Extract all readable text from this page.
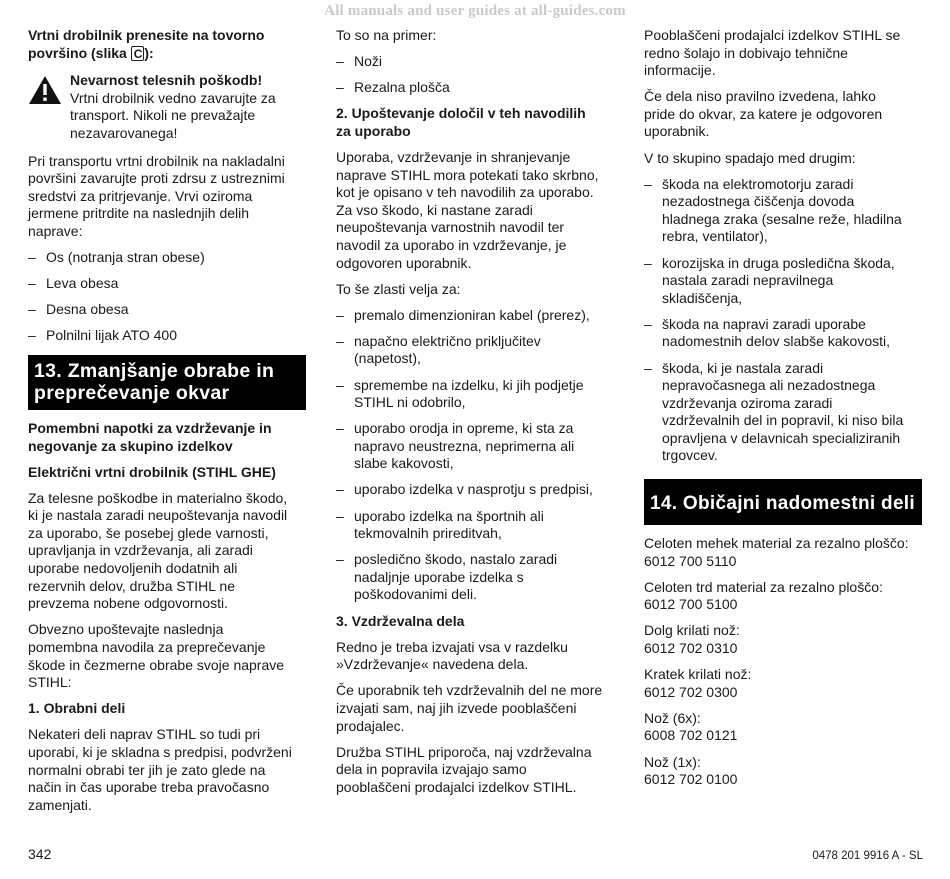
All manuals and user guides at all-guides.com

Vrtni drobilnik prenesite na tovorno
površino (slika C ):

Nevarnost telesnih poškodb!
Vrtni drobilnik vedno zavarujte za
transport. Nikoli ne prevažajte
nezavarovanega!

Pri transportu vrtni drobilnik na nakladalni
površini zavarujte proti zdrsu z ustreznimi
sredstvi za pritrjevanje. Vrvi oziroma
jermene pritrdite na naslednjih delih
naprave:

– Os (notranja stran obese)
– Leva obesa
– Desna obesa
– Polnilni lijak ATO 400
13. Zmanjšanje obrabe in
preprečevanje okvar

Pomembni napotki za vzdrževanje in
negovanje za skupino izdelkov

Električni vrtni drobilnik (STIHL GHE)

Za telesne poškodbe in materialno škodo,
ki je nastala zaradi neupoštevanja navodil
za uporabo, še posebej glede varnosti,
upravljanja in vzdrževanja, ali zaradi
uporabe nedovoljenih dodatnih ali
rezervnih delov, družba STIHL ne
prevzema nobene odgovornosti.

Obvezno upoštevajte naslednja
pomembna navodila za preprečevanje
škode in čezmerne obrabe svoje naprave
STIHL:

1. Obrabni deli

Nekateri deli naprav STIHL so tudi pri
uporabi, ki je skladna s predpisi, podvrženi
normalni obrabi ter jih je zato glede na
način in čas uporabe treba pravočasno
zamenjati.

To so na primer:

– Noži
– Rezalna plošča

2. Upoštevanje določil v teh navodilih
za uporabo

Uporaba, vzdrževanje in shranjevanje
naprave STIHL mora potekati tako skrbno,
kot je opisano v teh navodilih za uporabo.
Za vso škodo, ki nastane zaradi
neupoštevanja varnostnih navodil ter
navodil za uporabo in vzdrževanje, je
odgovoren uporabnik.

To še zlasti velja za:

– premalo dimenzioniran kabel (prerez),
– napačno električno priključitev
(napetost),
– spremembe na izdelku, ki jih podjetje
STIHL ni odobrilo,
– uporabo orodja in opreme, ki sta za
napravo neustrezna, neprimerna ali
slabe kakovosti,
– uporabo izdelka v nasprotju s predpisi,
– uporabo izdelka na športnih ali
tekmovalnih prireditvah,
– posledično škodo, nastalo zaradi
nadaljnje uporabe izdelka s
poškodovanimi deli.

3. Vzdrževalna dela

Redno je treba izvajati vsa v razdelku
»Vzdrževanje« navedena dela.

Če uporabnik teh vzdrževalnih del ne more
izvajati sam, naj jih izvede pooblaščeni
prodajalec.

Družba STIHL priporoča, naj vzdrževalna
dela in popravila izvajajo samo
pooblaščeni prodajalci izdelkov STIHL.

Pooblaščeni prodajalci izdelkov STIHL se
redno šolajo in dobivajo tehnične
informacije.

Če dela niso pravilno izvedena, lahko
pride do okvar, za katere je odgovoren
uporabnik.

V to skupino spadajo med drugim:

– škoda na elektromotorju zaradi
nezadostnega čiščenja dovoda
hladnega zraka (sesalne reže, hladilna
rebra, ventilator),
– korozijska in druga posledična škoda,
nastala zaradi nepravilnega
skladiščenja,
– škoda na napravi zaradi uporabe
nadomestnih delov slabše kakovosti,
– škoda, ki je nastala zaradi
nepravočasnega ali nezadostnega
vzdrževanja oziroma zaradi
vzdrževalnih del in popravil, ki niso bila
opravljena v delavnicah specializiranih
trgovcev.
14. Običajni nadomestni deli

Celoten mehek material za rezalno ploščo:
6012 700 5110

Celoten trd material za rezalno ploščo:
6012 700 5100

Dolg krilati nož:
6012 702 0310

Kratek krilati nož:
6012 702 0300

Nož (6x):
6008 702 0121

Nož (1x):
6012 702 0100

342	0478 201 9916 A - SL
